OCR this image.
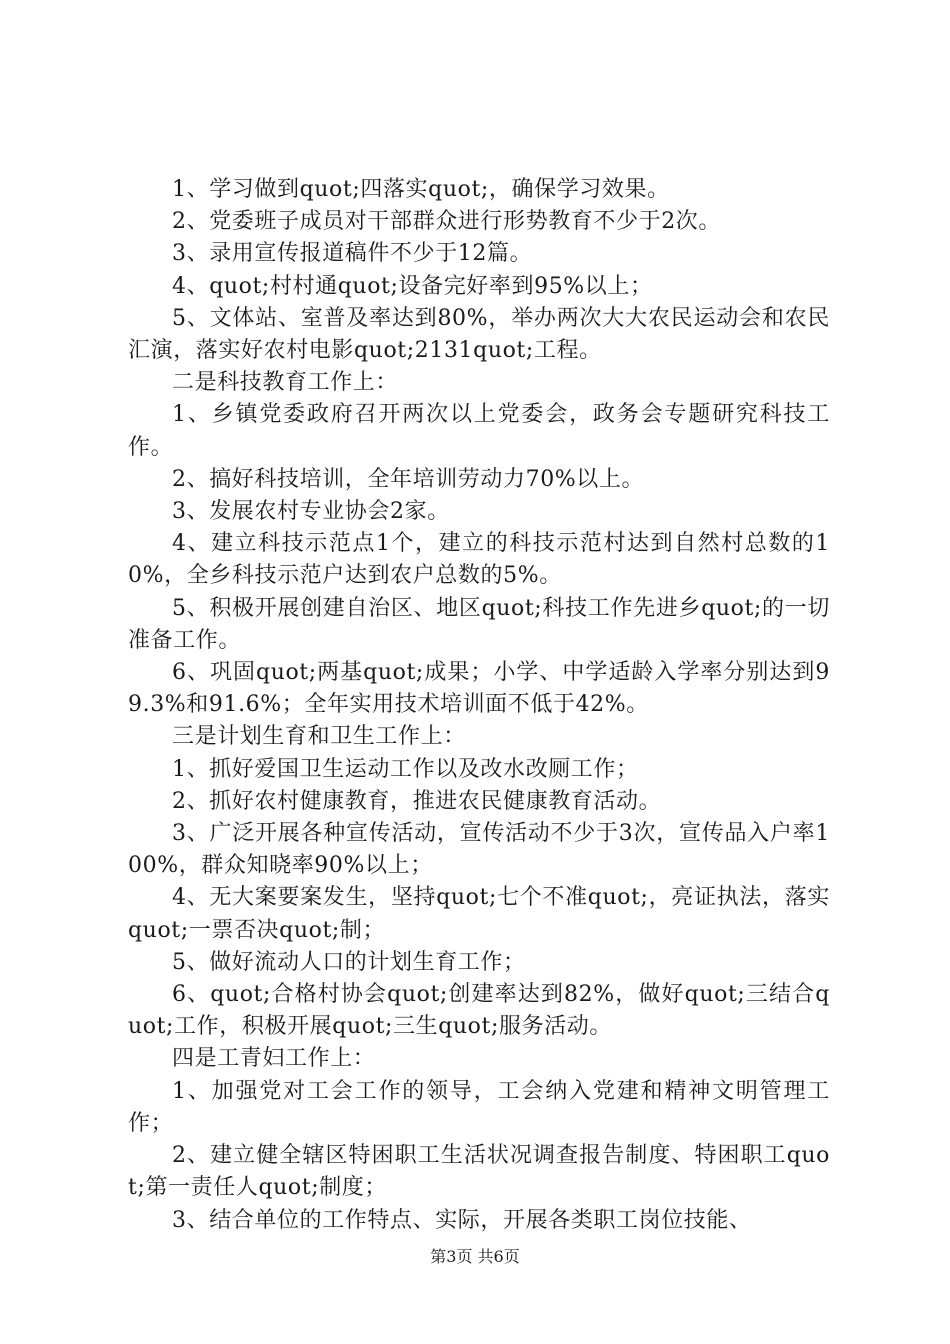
1、学习做到quot;四落实quot;，确保学习效果。

2、党委班子成员对干部群众进行形势教育不少于2次。

3、录用宣传报道稿件不少于12篇。

4、quot;村村通quot;设备完好率到95%以上；

5、文体站、室普及率达到80%，举办两次大大农民运动会和农民汇演，落实好农村电影quot;2131quot;工程。

二是科技教育工作上：

1、乡镇党委政府召开两次以上党委会，政务会专题研究科技工作。

2、搞好科技培训，全年培训劳动力70%以上。

3、发展农村专业协会2家。

4、建立科技示范点1个，建立的科技示范村达到自然村总数的10%，全乡科技示范户达到农户总数的5%。

5、积极开展创建自治区、地区quot;科技工作先进乡quot;的一切准备工作。

6、巩固quot;两基quot;成果；小学、中学适龄入学率分别达到99.3%和91.6%；全年实用技术培训面不低于42%。

三是计划生育和卫生工作上：

1、抓好爱国卫生运动工作以及改水改厕工作；

2、抓好农村健康教育，推进农民健康教育活动。

3、广泛开展各种宣传活动，宣传活动不少于3次，宣传品入户率100%，群众知晓率90%以上；

4、无大案要案发生，坚持quot;七个不准quot;，亮证执法，落实quot;一票否决quot;制；

5、做好流动人口的计划生育工作；

6、quot;合格村协会quot;创建率达到82%，做好quot;三结合quot;工作，积极开展quot;三生quot;服务活动。

四是工青妇工作上：

1、加强党对工会工作的领导，工会纳入党建和精神文明管理工作；

2、建立健全辖区特困职工生活状况调查报告制度、特困职工quot;第一责任人quot;制度；

3、结合单位的工作特点、实际，开展各类职工岗位技能、

第3页 共6页
